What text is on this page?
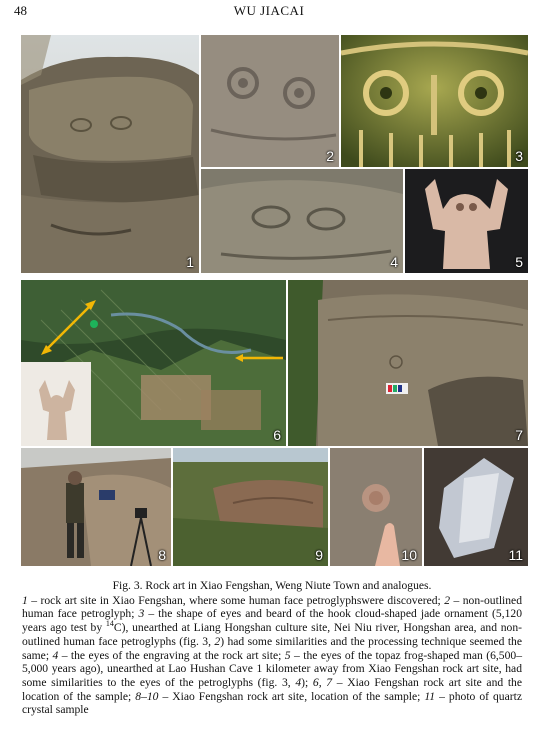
48	WU JIACAI
1
2	3
4	5
6	7
8	9	10	11
Fig. 3. Rock art in Xiao Fengshan, Weng Niute Town and analogues.
1 – rock art site in Xiao Fengshan, where some human face petroglyphswere discovered; 2 – non-outlined human face petroglyph; 3 – the shape of eyes and beard of the hook cloud-shaped jade ornament (5,120 years ago test by $^{14}$C), unearthed at Liang Hongshan culture site, Nei Niu river, Hongshan area, and non-outlined human face petroglyphs (fig. 3, 2) had some similarities and the processing technique seemed the same; 4 – the eyes of the engraving at the rock art site; 5 – the eyes of the topaz frog-shaped man (6,500–5,000 years ago), unearthed at Lao Hushan Cave 1 kilometer away from Xiao Fengshan rock art site, had some similarities to the eyes of the petroglyphs (fig. 3, 4); 6, 7 – Xiao Fengshan rock art site and the location of the sample; 8–10 – Xiao Fengshan rock art site, location of the sample; 11 – photo of quartz crystal sample
